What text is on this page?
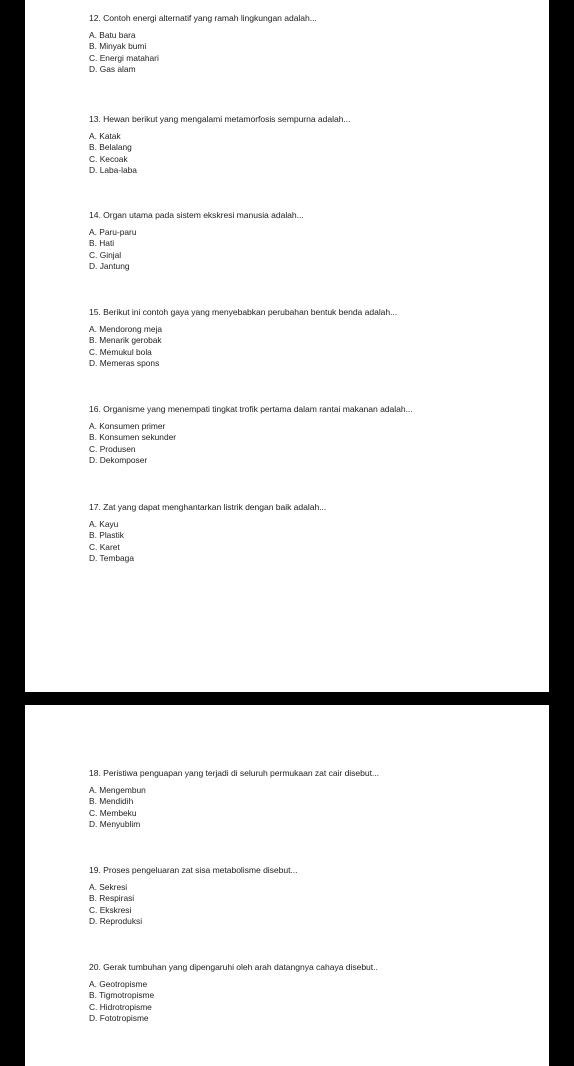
12. Contoh energi alternatif yang ramah lingkungan adalah...

A. Batu bara
B. Minyak bumi
C. Energi matahari
D. Gas alam

13. Hewan berikut yang mengalami metamorfosis sempurna adalah...

A. Katak
B. Belalang
C. Kecoak
D. Laba-laba

14. Organ utama pada sistem ekskresi manusia adalah...

A. Paru-paru
B. Hati
C. Ginjal
D. Jantung

15. Berikut ini contoh gaya yang menyebabkan perubahan bentuk benda adalah...

A. Mendorong meja
B. Menarik gerobak
C. Memukul bola
D. Memeras spons

16. Organisme yang menempati tingkat trofik pertama dalam rantai makanan adalah...

A. Konsumen primer
B. Konsumen sekunder
C. Produsen
D. Dekomposer

17. Zat yang dapat menghantarkan listrik dengan baik adalah...

A. Kayu
B. Plastik
C. Karet
D. Tembaga

18. Peristiwa penguapan yang terjadi di seluruh permukaan zat cair disebut...

A. Mengembun
B. Mendidih
C. Membeku
D. Menyublim

19. Proses pengeluaran zat sisa metabolisme disebut...

A. Sekresi
B. Respirasi
C. Ekskresi
D. Reproduksi

20. Gerak tumbuhan yang dipengaruhi oleh arah datangnya cahaya disebut..

A. Geotropisme
B. Tigmotropisme
C. Hidrotropisme
D. Fototropisme
